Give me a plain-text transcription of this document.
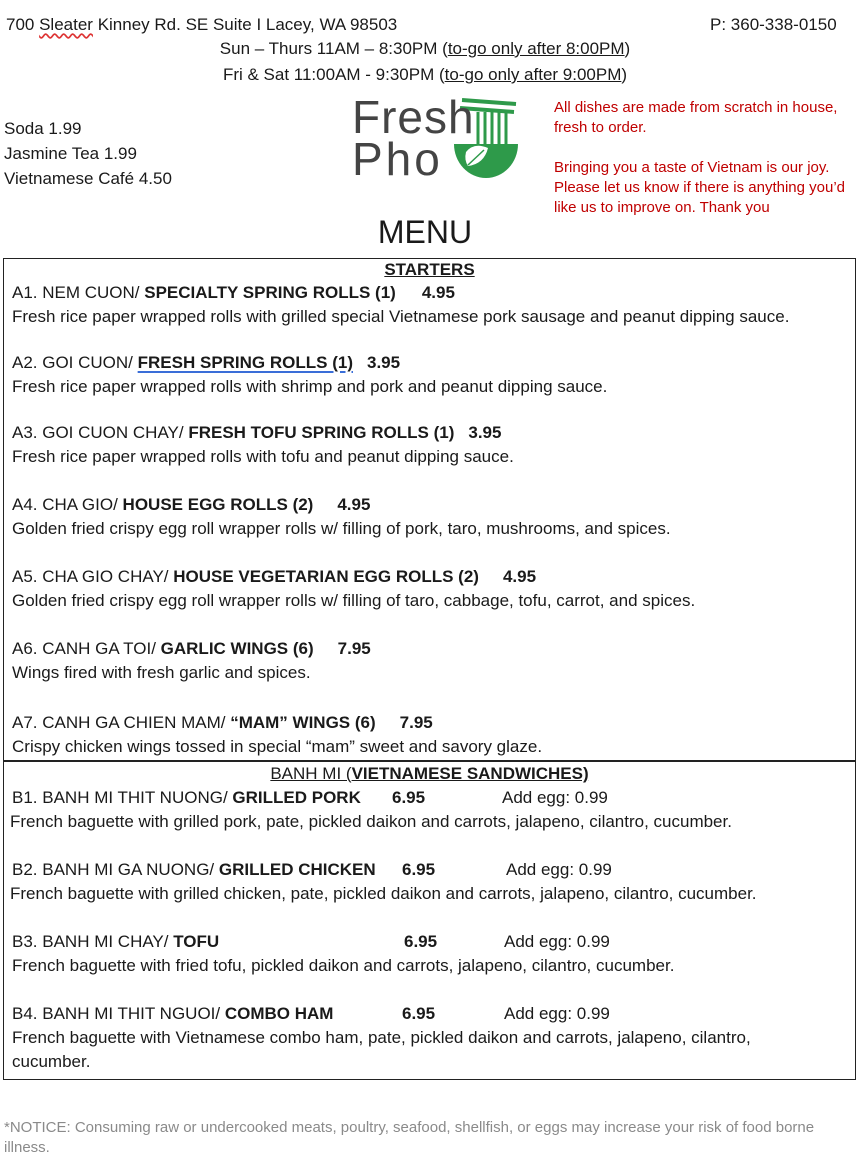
700 Sleater Kinney Rd. SE Suite I Lacey, WA 98503	P: 360-338-0150
Sun – Thurs 11AM – 8:30PM (to-go only after 8:00PM)
Fri & Sat 11:00AM - 9:30PM (to-go only after 9:00PM)
Soda 1.99
Jasmine Tea 1.99
Vietnamese Café 4.50
Fresh
Pho

All dishes are made from scratch in house, fresh to order.

Bringing you a taste of Vietnam is our joy. Please let us know if there is anything you’d like us to improve on. Thank you

MENU
STARTERS
A1. NEM CUON/ SPECIALTY SPRING ROLLS (1) 4.95
Fresh rice paper wrapped rolls with grilled special Vietnamese pork sausage and peanut dipping sauce.
A2. GOI CUON/ FRESH SPRING ROLLS (1) 3.95
Fresh rice paper wrapped rolls with shrimp and pork and peanut dipping sauce.
A3. GOI CUON CHAY/ FRESH TOFU SPRING ROLLS (1) 3.95
Fresh rice paper wrapped rolls with tofu and peanut dipping sauce.
A4. CHA GIO/ HOUSE EGG ROLLS (2) 4.95
Golden fried crispy egg roll wrapper rolls w/ filling of pork, taro, mushrooms, and spices.
A5. CHA GIO CHAY/ HOUSE VEGETARIAN EGG ROLLS (2) 4.95
Golden fried crispy egg roll wrapper rolls w/ filling of taro, cabbage, tofu, carrot, and spices.
A6. CANH GA TOI/ GARLIC WINGS (6) 7.95
Wings fired with fresh garlic and spices.
A7. CANH GA CHIEN MAM/ “MAM” WINGS (6) 7.95
Crispy chicken wings tossed in special “mam” sweet and savory glaze.
BANH MI (VIETNAMESE SANDWICHES)
B1. BANH MI THIT NUONG/ GRILLED PORK 6.95	Add egg: 0.99
French baguette with grilled pork, pate, pickled daikon and carrots, jalapeno, cilantro, cucumber.
B2. BANH MI GA NUONG/ GRILLED CHICKEN 6.95	Add egg: 0.99
French baguette with grilled chicken, pate, pickled daikon and carrots, jalapeno, cilantro, cucumber.
B3. BANH MI CHAY/ TOFU	6.95	Add egg: 0.99
French baguette with fried tofu, pickled daikon and carrots, jalapeno, cilantro, cucumber.
B4. BANH MI THIT NGUOI/ COMBO HAM	6.95	Add egg: 0.99
French baguette with Vietnamese combo ham, pate, pickled daikon and carrots, jalapeno, cilantro, cucumber.
*NOTICE: Consuming raw or undercooked meats, poultry, seafood, shellfish, or eggs may increase your risk of food borne illness.
